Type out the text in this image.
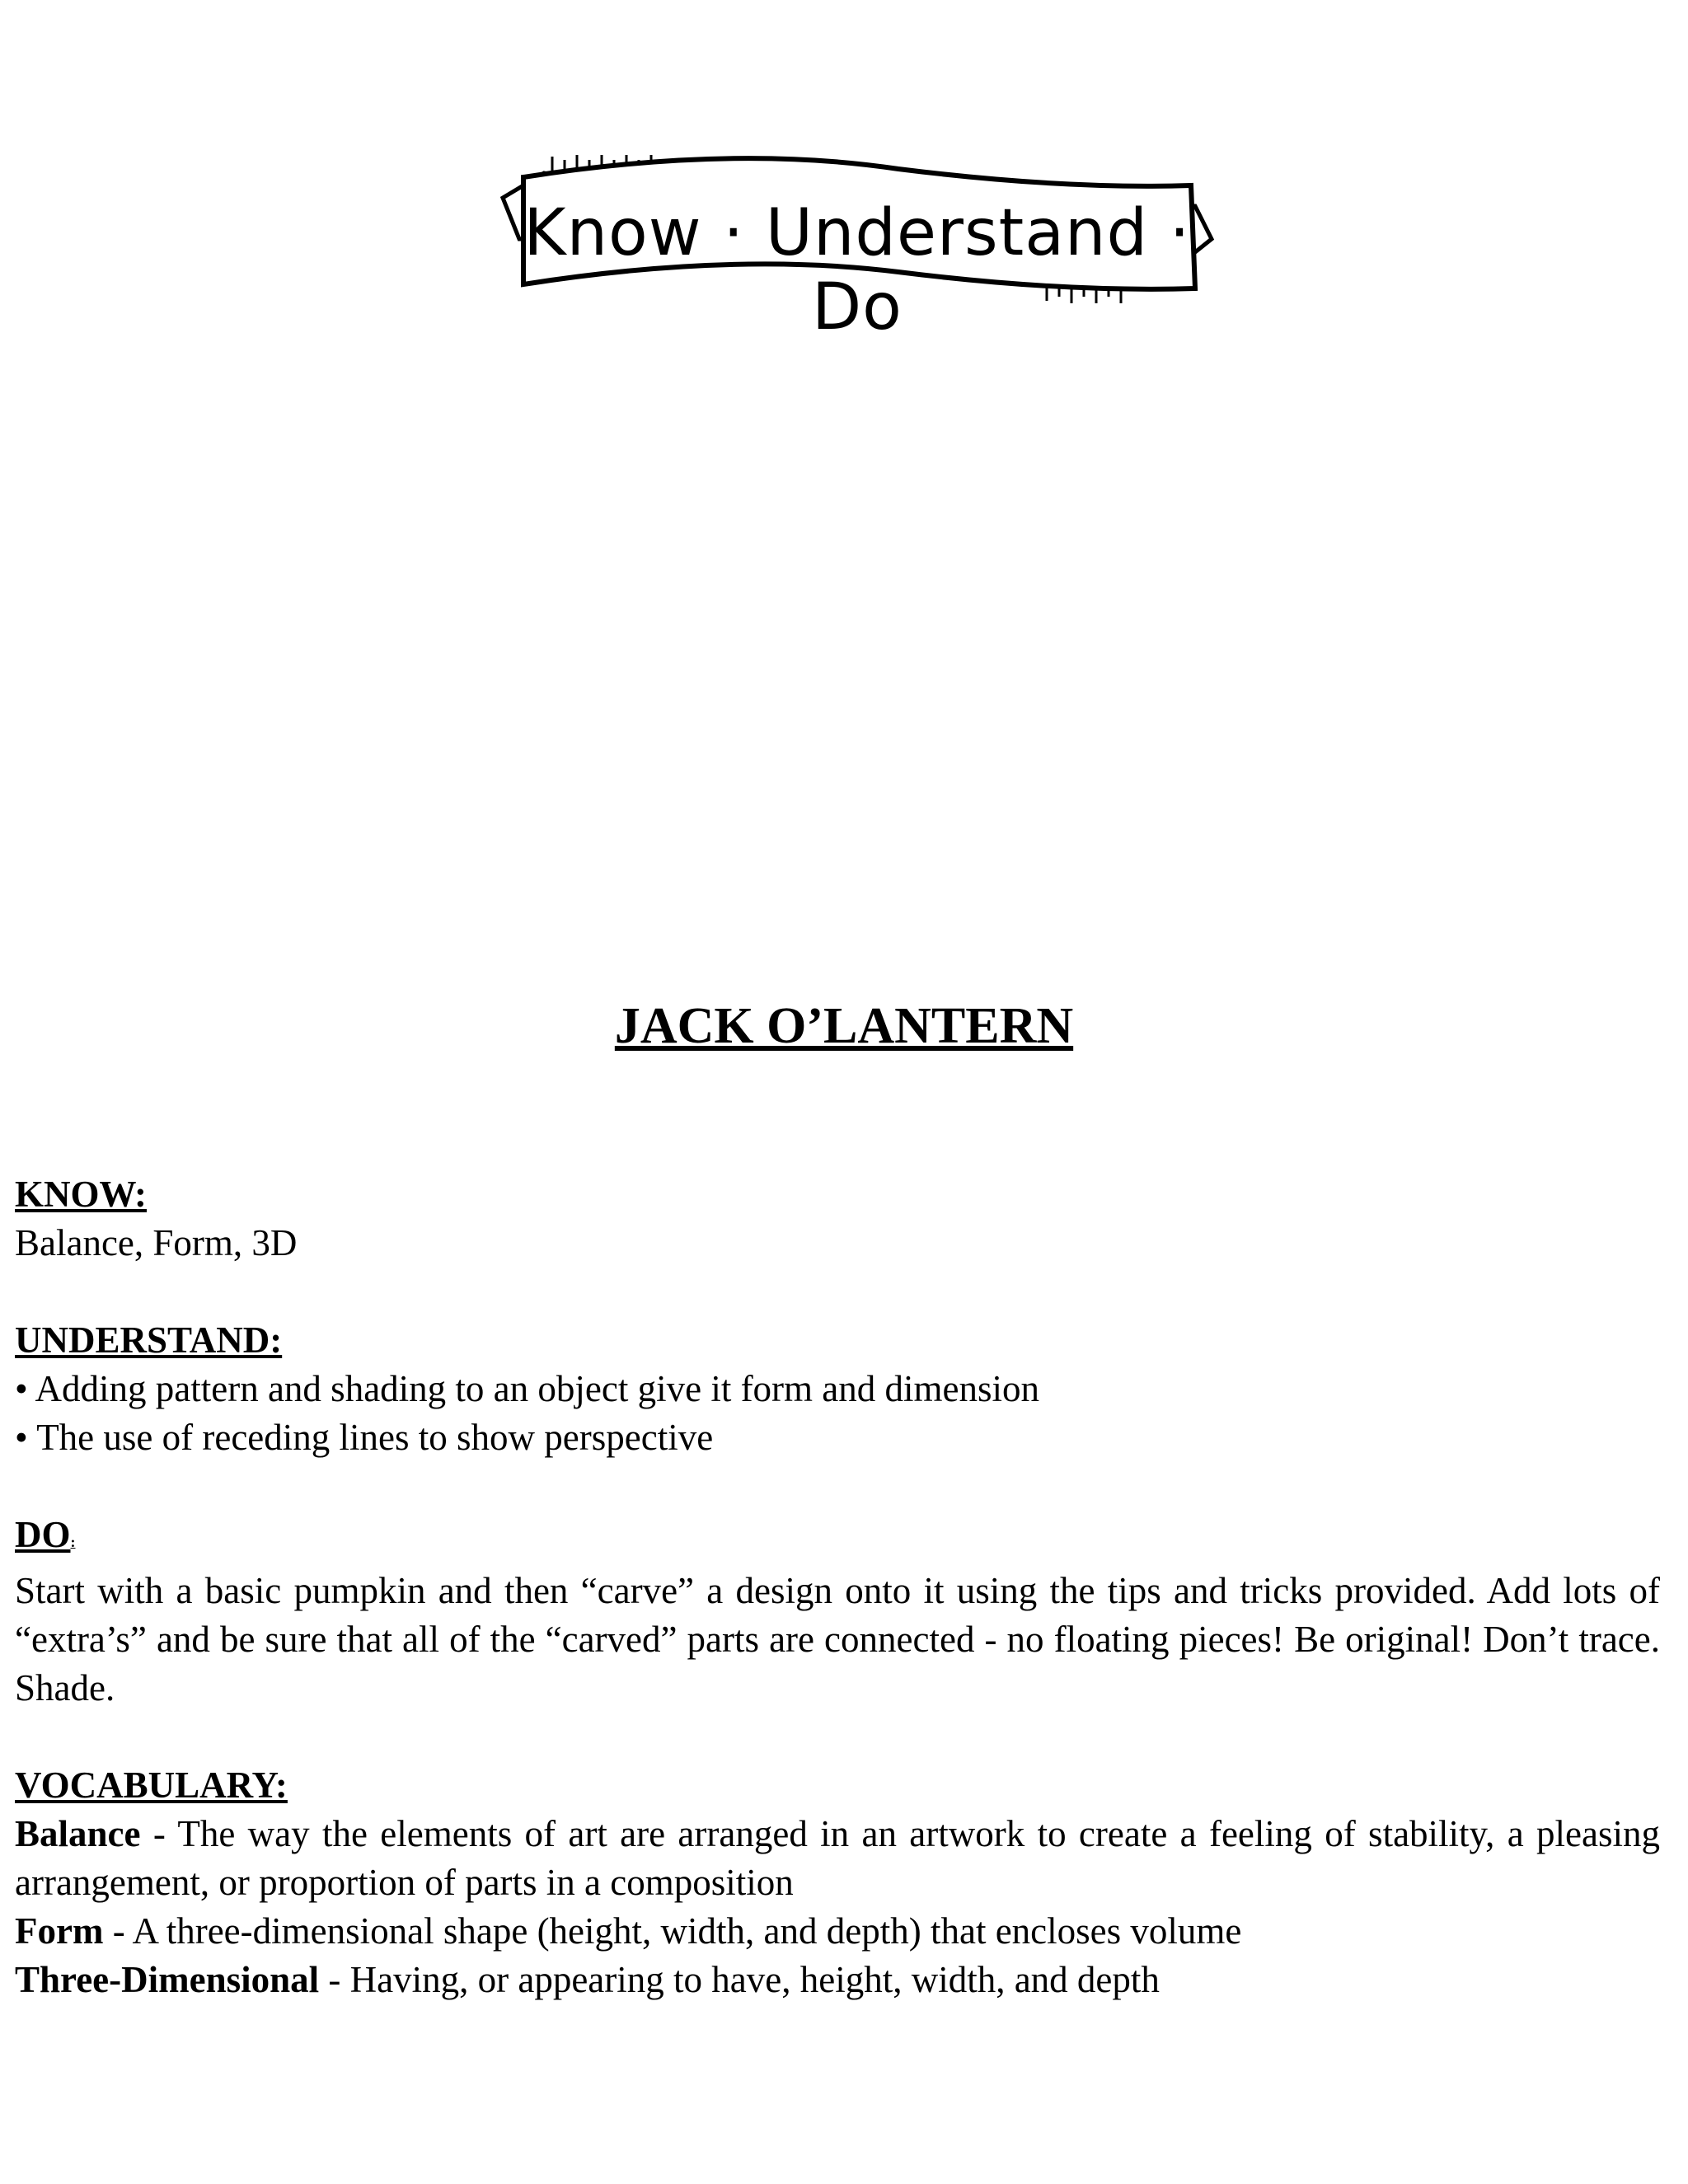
Know · Understand · Do
JACK O’LANTERN

KNOW:

Balance, Form, 3D

UNDERSTAND:

• Adding pattern and shading to an object give it form and dimension

• The use of receding lines to show perspective

DO:

Start with a basic pumpkin and then “carve” a design onto it using the tips and tricks provided. Add lots of “extra’s” and be sure that all of the “carved” parts are connected - no floating pieces! Be original! Don’t trace. Shade.

VOCABULARY:

Balance - The way the elements of art are arranged in an artwork to create a feeling of stability, a pleasing arrangement, or proportion of parts in a composition

Form - A three-dimensional shape (height, width, and depth) that encloses volume

Three-Dimensional - Having, or appearing to have, height, width, and depth
